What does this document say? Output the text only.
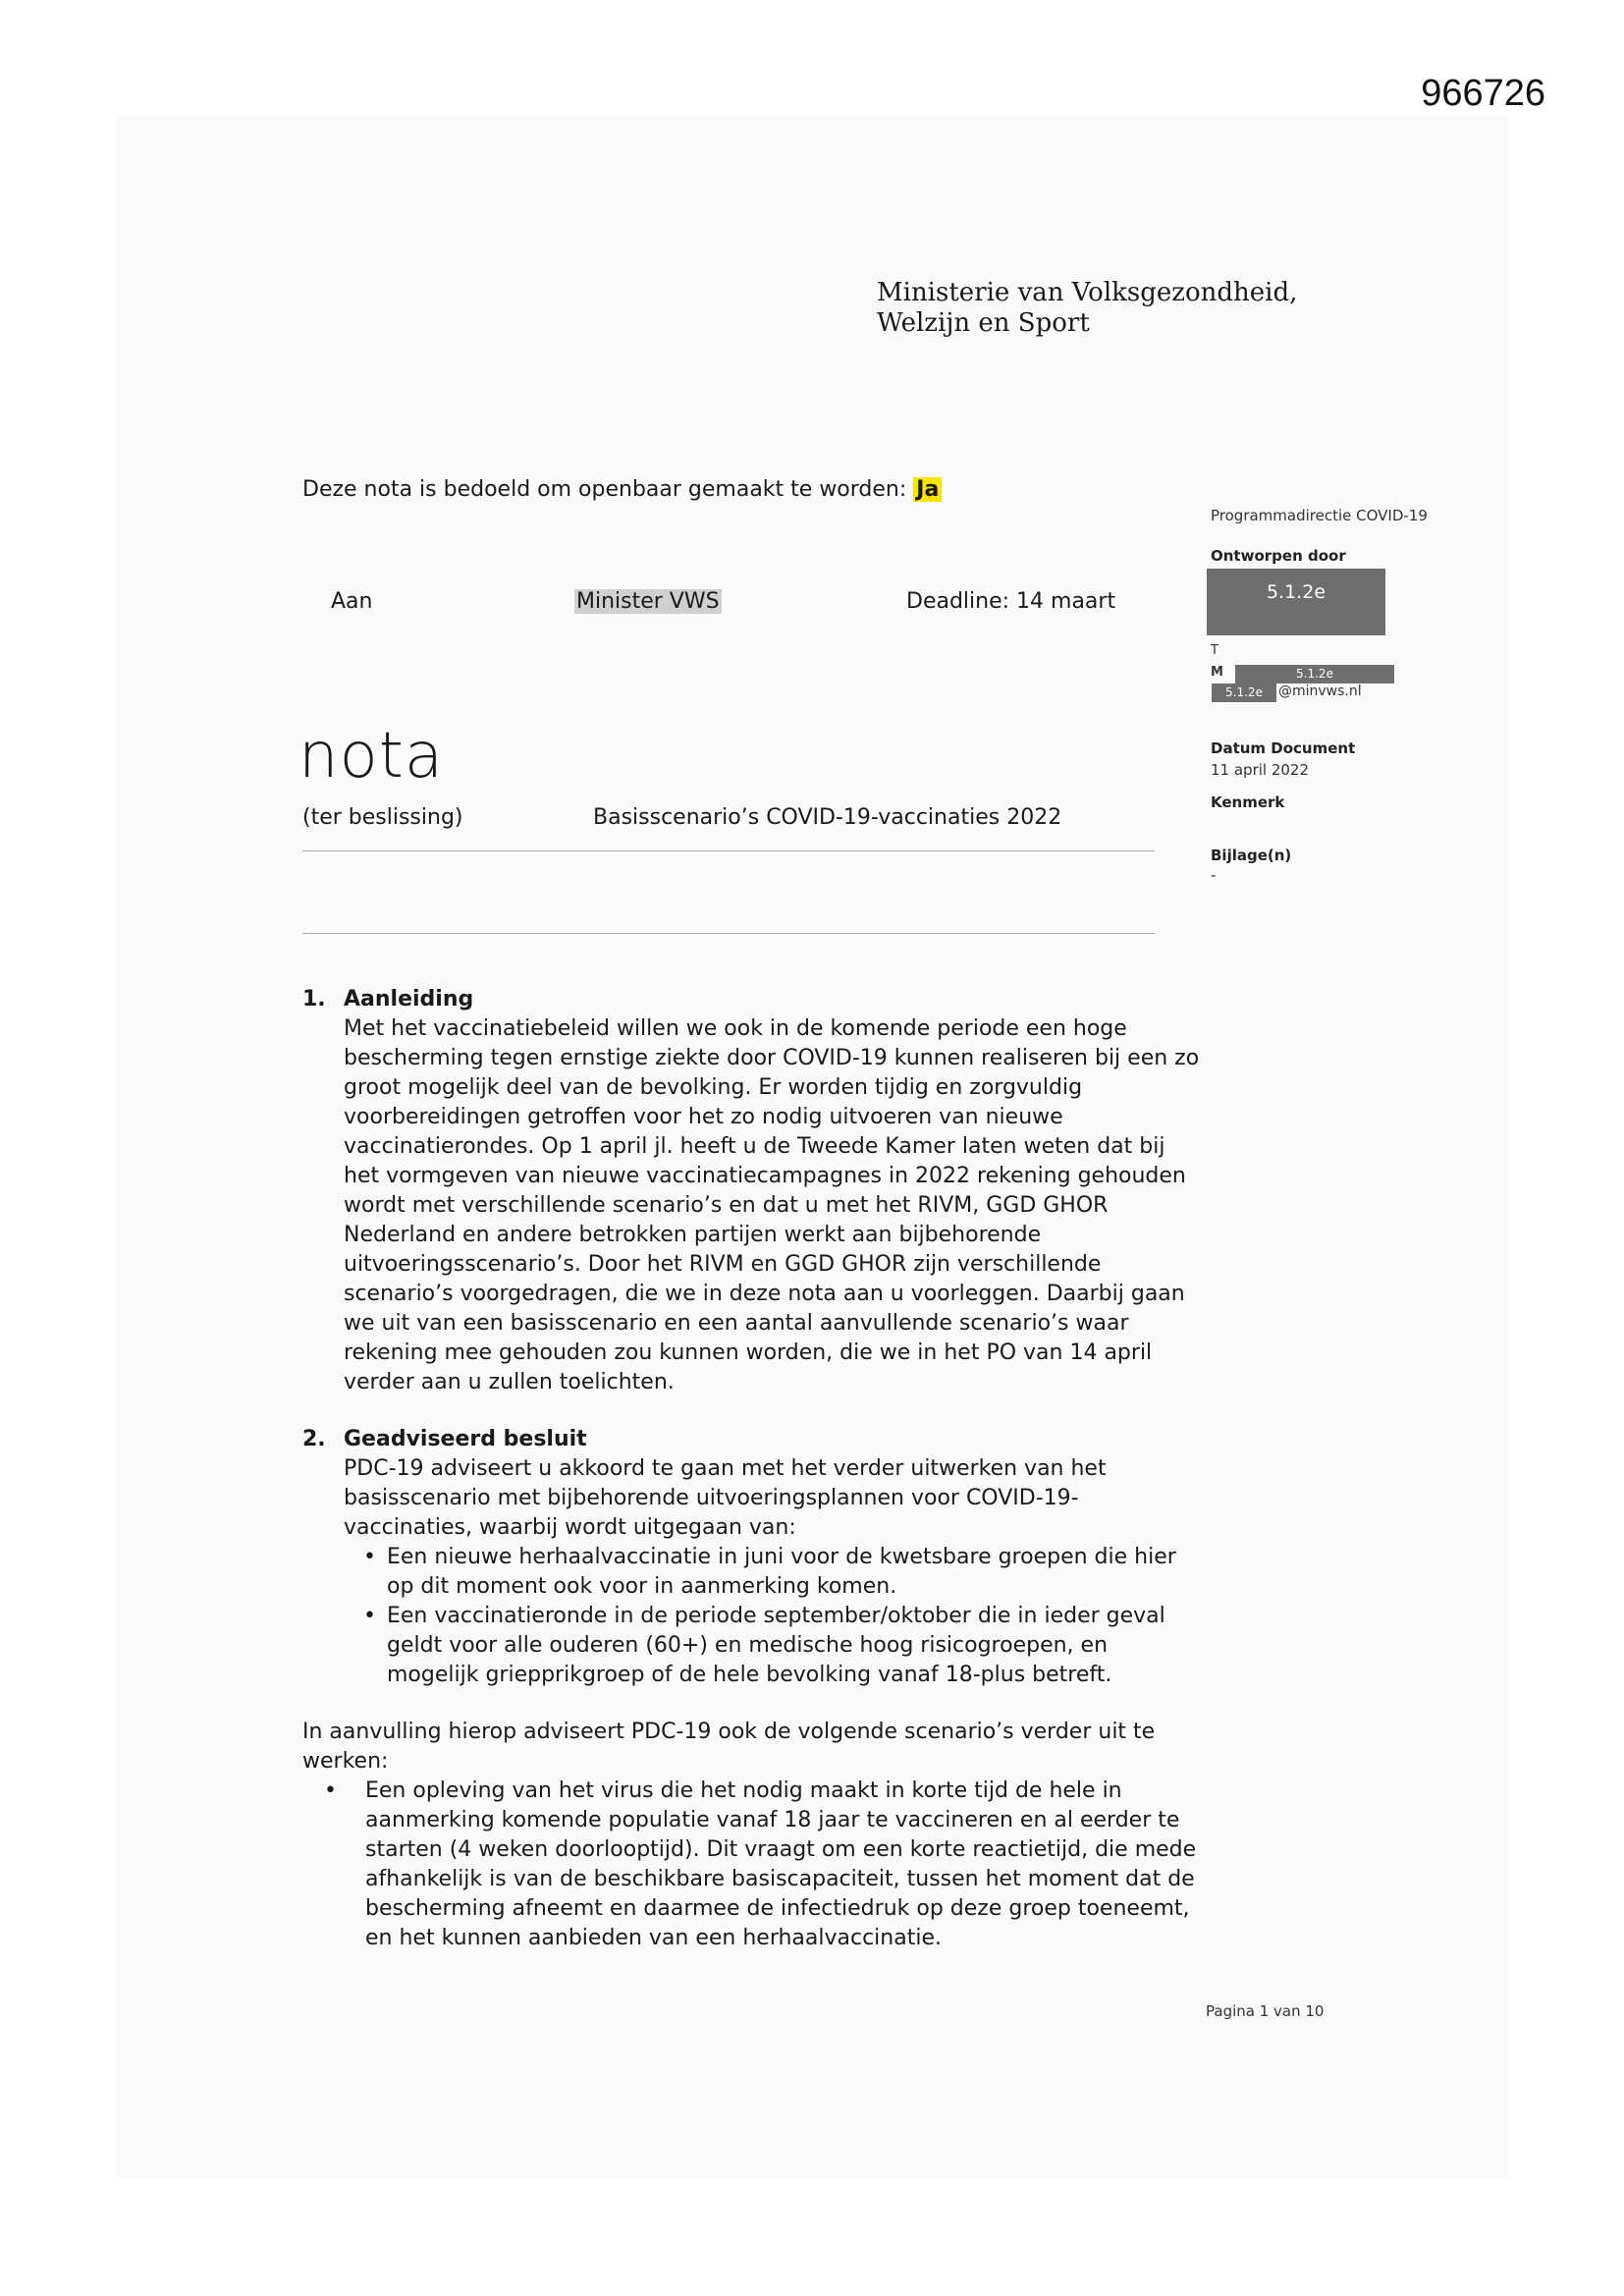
966726
Ministerie van Volksgezondheid,
Welzijn en Sport
Deze nota is bedoeld om openbaar gemaakt te worden: Ja
Aan	Minister VWS	Deadline: 14 maart
nota
(ter beslissing)	Basisscenario’s COVID-19-vaccinaties 2022
Programmadirectie COVID-19
Ontworpen door
5.1.2e
T
M	5.1.2e
5.1.2e	@minvws.nl
Datum Document
11 april 2022
Kenmerk
Bijlage(n)
-
1. Aanleiding
Met het vaccinatiebeleid willen we ook in de komende periode een hoge bescherming tegen ernstige ziekte door COVID-19 kunnen realiseren bij een zo groot mogelijk deel van de bevolking. Er worden tijdig en zorgvuldig voorbereidingen getroffen voor het zo nodig uitvoeren van nieuwe vaccinatierondes. Op 1 april jl. heeft u de Tweede Kamer laten weten dat bij het vormgeven van nieuwe vaccinatiecampagnes in 2022 rekening gehouden wordt met verschillende scenario’s en dat u met het RIVM, GGD GHOR Nederland en andere betrokken partijen werkt aan bijbehorende uitvoeringsscenario’s. Door het RIVM en GGD GHOR zijn verschillende scenario’s voorgedragen, die we in deze nota aan u voorleggen. Daarbij gaan we uit van een basisscenario en een aantal aanvullende scenario’s waar rekening mee gehouden zou kunnen worden, die we in het PO van 14 april verder aan u zullen toelichten.
2. Geadviseerd besluit
PDC-19 adviseert u akkoord te gaan met het verder uitwerken van het basisscenario met bijbehorende uitvoeringsplannen voor COVID-19-vaccinaties, waarbij wordt uitgegaan van:
• Een nieuwe herhaalvaccinatie in juni voor de kwetsbare groepen die hier op dit moment ook voor in aanmerking komen.
• Een vaccinatieronde in de periode september/oktober die in ieder geval geldt voor alle ouderen (60+) en medische hoog risicogroepen, en mogelijk griepprikgroep of de hele bevolking vanaf 18-plus betreft.
In aanvulling hierop adviseert PDC-19 ook de volgende scenario’s verder uit te werken:
• Een opleving van het virus die het nodig maakt in korte tijd de hele in aanmerking komende populatie vanaf 18 jaar te vaccineren en al eerder te starten (4 weken doorlooptijd). Dit vraagt om een korte reactietijd, die mede afhankelijk is van de beschikbare basiscapaciteit, tussen het moment dat de bescherming afneemt en daarmee de infectiedruk op deze groep toeneemt, en het kunnen aanbieden van een herhaalvaccinatie.
Pagina 1 van 10
